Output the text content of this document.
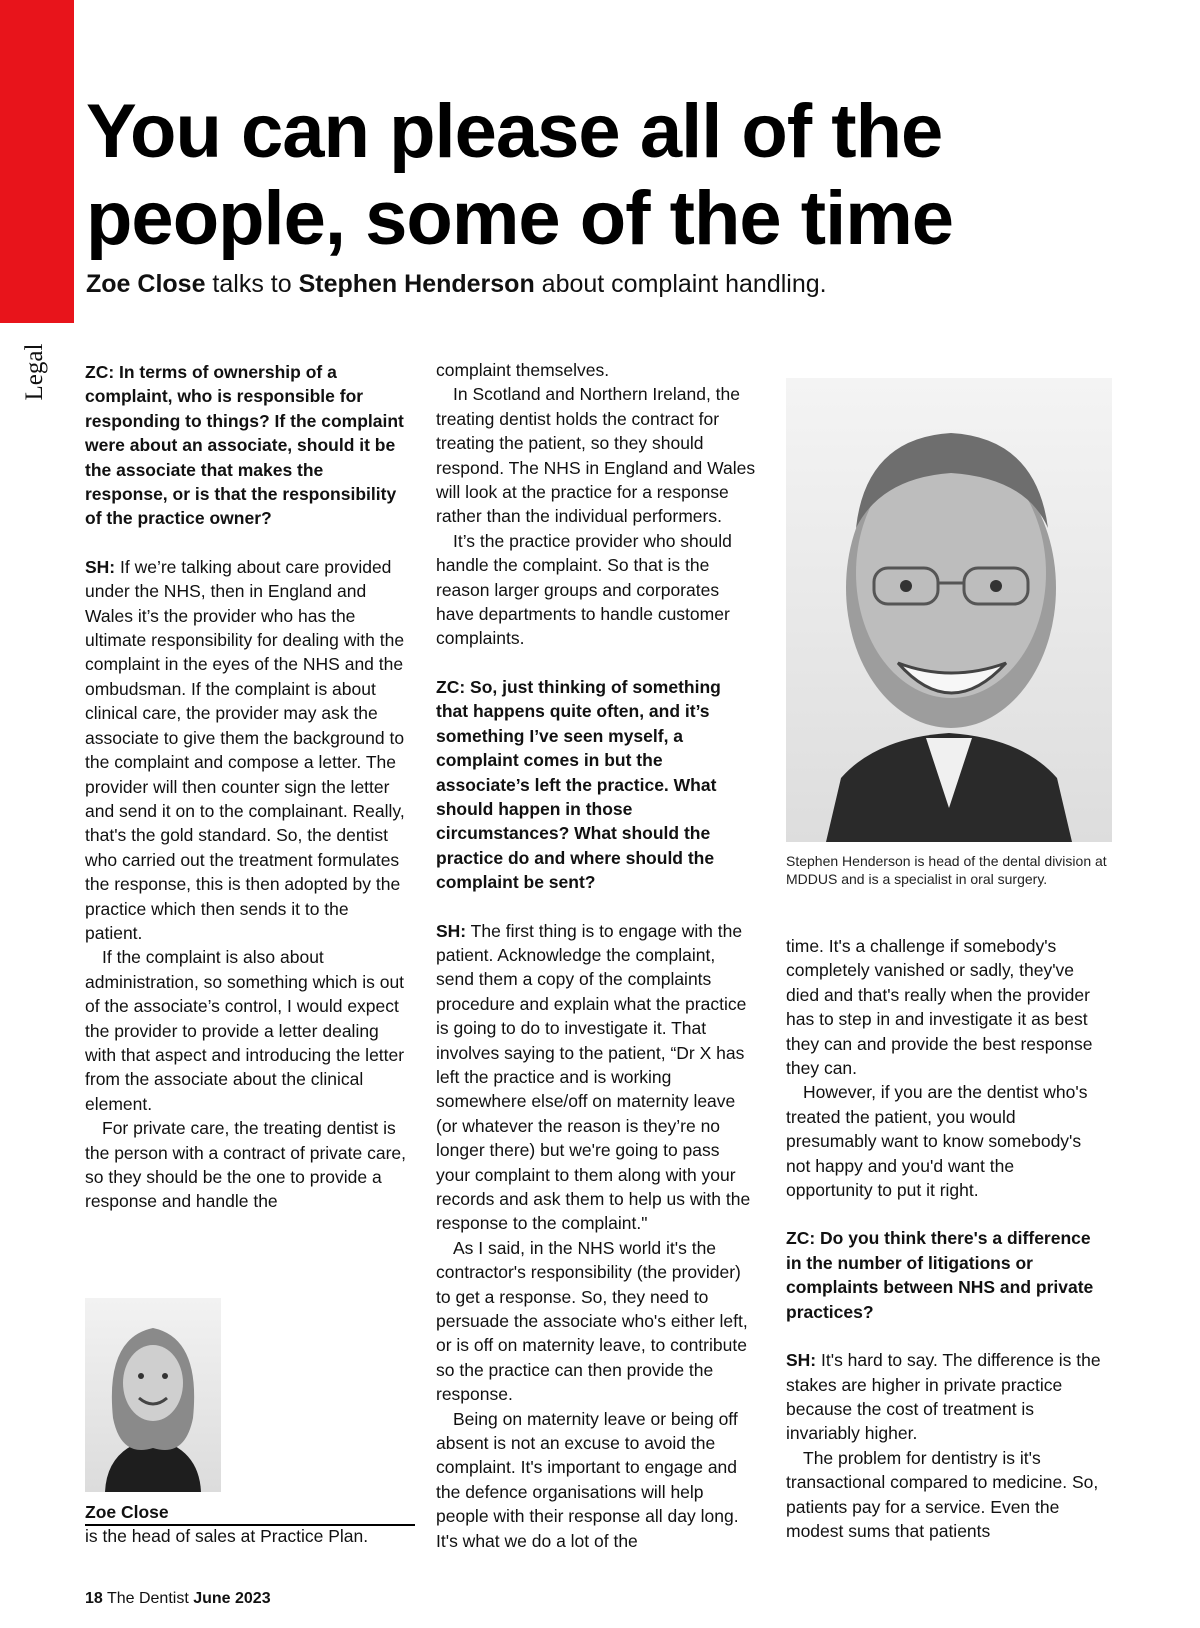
Legal
You can please all of the people, some of the time

Zoe Close talks to Stephen Henderson about complaint handling.

ZC: In terms of ownership of a complaint, who is responsible for responding to things? If the complaint were about an associate, should it be the associate that makes the response, or is that the responsibility of the practice owner?

SH: If we’re talking about care provided under the NHS, then in England and Wales it’s the provider who has the ultimate responsibility for dealing with the complaint in the eyes of the NHS and the ombudsman. If the complaint is about clinical care, the provider may ask the associate to give them the background to the complaint and compose a letter. The provider will then counter sign the letter and send it on to the complainant. Really, that's the gold standard. So, the dentist who carried out the treatment formulates the response, this is then adopted by the practice which then sends it to the patient.

If the complaint is also about administration, so something which is out of the associate’s control, I would expect the provider to provide a letter dealing with that aspect and introducing the letter from the associate about the clinical element.

For private care, the treating dentist is the person with a contract of private care, so they should be the one to provide a response and handle the

complaint themselves.

In Scotland and Northern Ireland, the treating dentist holds the contract for treating the patient, so they should respond. The NHS in England and Wales will look at the practice for a response rather than the individual performers.

It’s the practice provider who should handle the complaint. So that is the reason larger groups and corporates have departments to handle customer complaints.

ZC: So, just thinking of something that happens quite often, and it’s something I’ve seen myself, a complaint comes in but the associate’s left the practice. What should happen in those circumstances? What should the practice do and where should the complaint be sent?

SH: The first thing is to engage with the patient. Acknowledge the complaint, send them a copy of the complaints procedure and explain what the practice is going to do to investigate it. That involves saying to the patient, “Dr X has left the practice and is working somewhere else/off on maternity leave (or whatever the reason is they’re no longer there) but we're going to pass your complaint to them along with your records and ask them to help us with the response to the complaint."

As I said, in the NHS world it's the contractor's responsibility (the provider) to get a response. So, they need to persuade the associate who's either left, or is off on maternity leave, to contribute so the practice can then provide the response.

Being on maternity leave or being off absent is not an excuse to avoid the complaint. It's important to engage and the defence organisations will help people with their response all day long. It's what we do a lot of the

Stephen Henderson is head of the dental division at MDDUS and is a specialist in oral surgery.

time. It's a challenge if somebody's completely vanished or sadly, they've died and that's really when the provider has to step in and investigate it as best they can and provide the best response they can.

However, if you are the dentist who's treated the patient, you would presumably want to know somebody's not happy and you'd want the opportunity to put it right.

ZC: Do you think there's a difference in the number of litigations or complaints between NHS and private practices?

SH: It's hard to say. The difference is the stakes are higher in private practice because the cost of treatment is invariably higher.

The problem for dentistry is it's transactional compared to medicine. So, patients pay for a service. Even the modest sums that patients

Zoe Close
is the head of sales at Practice Plan.
18 The Dentist June 2023
